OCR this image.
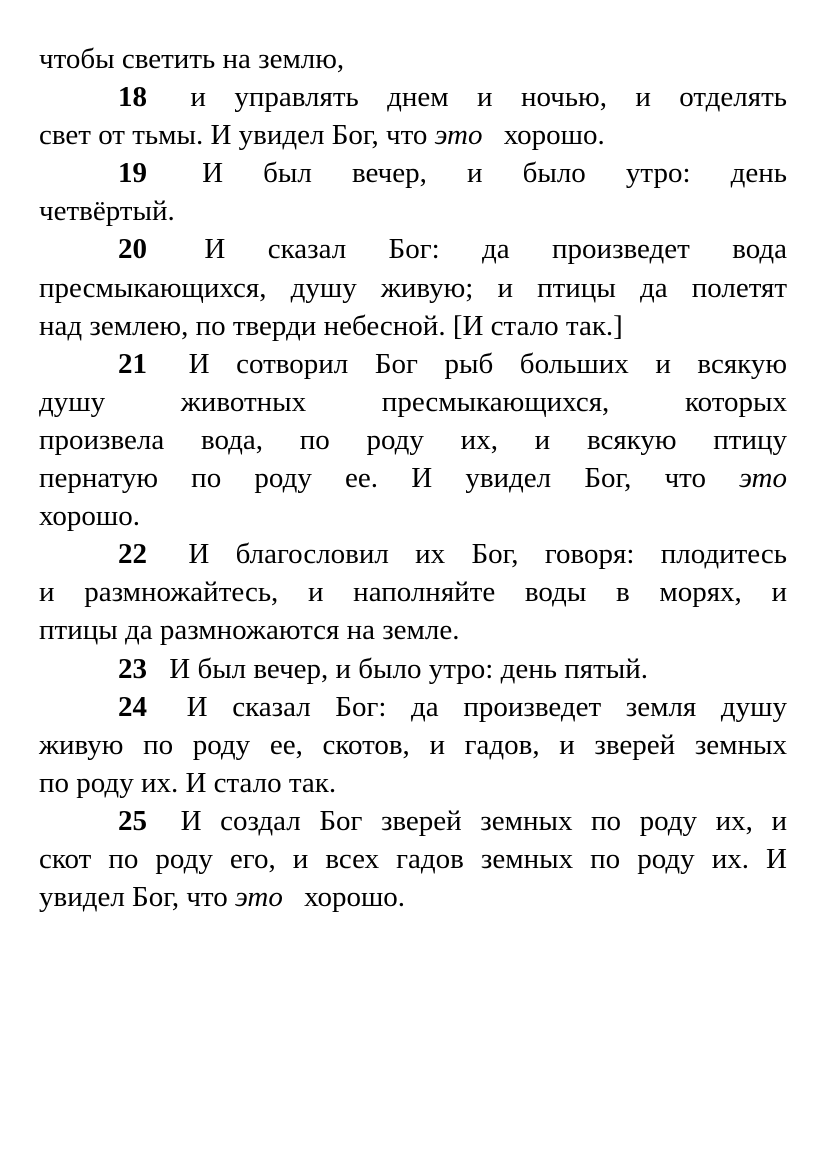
чтобы светить на землю,
18 и управлять днем и ночью, и отделять
свет от тьмы. И увидел Бог, что это хорошо.
19 И был вечер, и было утро: день
четвёртый.
20 И сказал Бог: да произведет вода
пресмыкающихся, душу живую; и птицы да полетят
над землею, по тверди небесной. [И стало так.]
21 И сотворил Бог рыб больших и всякую
душу животных пресмыкающихся, которых
произвела вода, по роду их, и всякую птицу
пернатую по роду ее. И увидел Бог, что это
хорошо.
22 И благословил их Бог, говоря: плодитесь
и размножайтесь, и наполняйте воды в морях, и
птицы да размножаются на земле.
23 И был вечер, и было утро: день пятый.
24 И сказал Бог: да произведет земля душу
живую по роду ее, скотов, и гадов, и зверей земных
по роду их. И стало так.
25 И создал Бог зверей земных по роду их, и
скот по роду его, и всех гадов земных по роду их. И
увидел Бог, что это хорошо.
